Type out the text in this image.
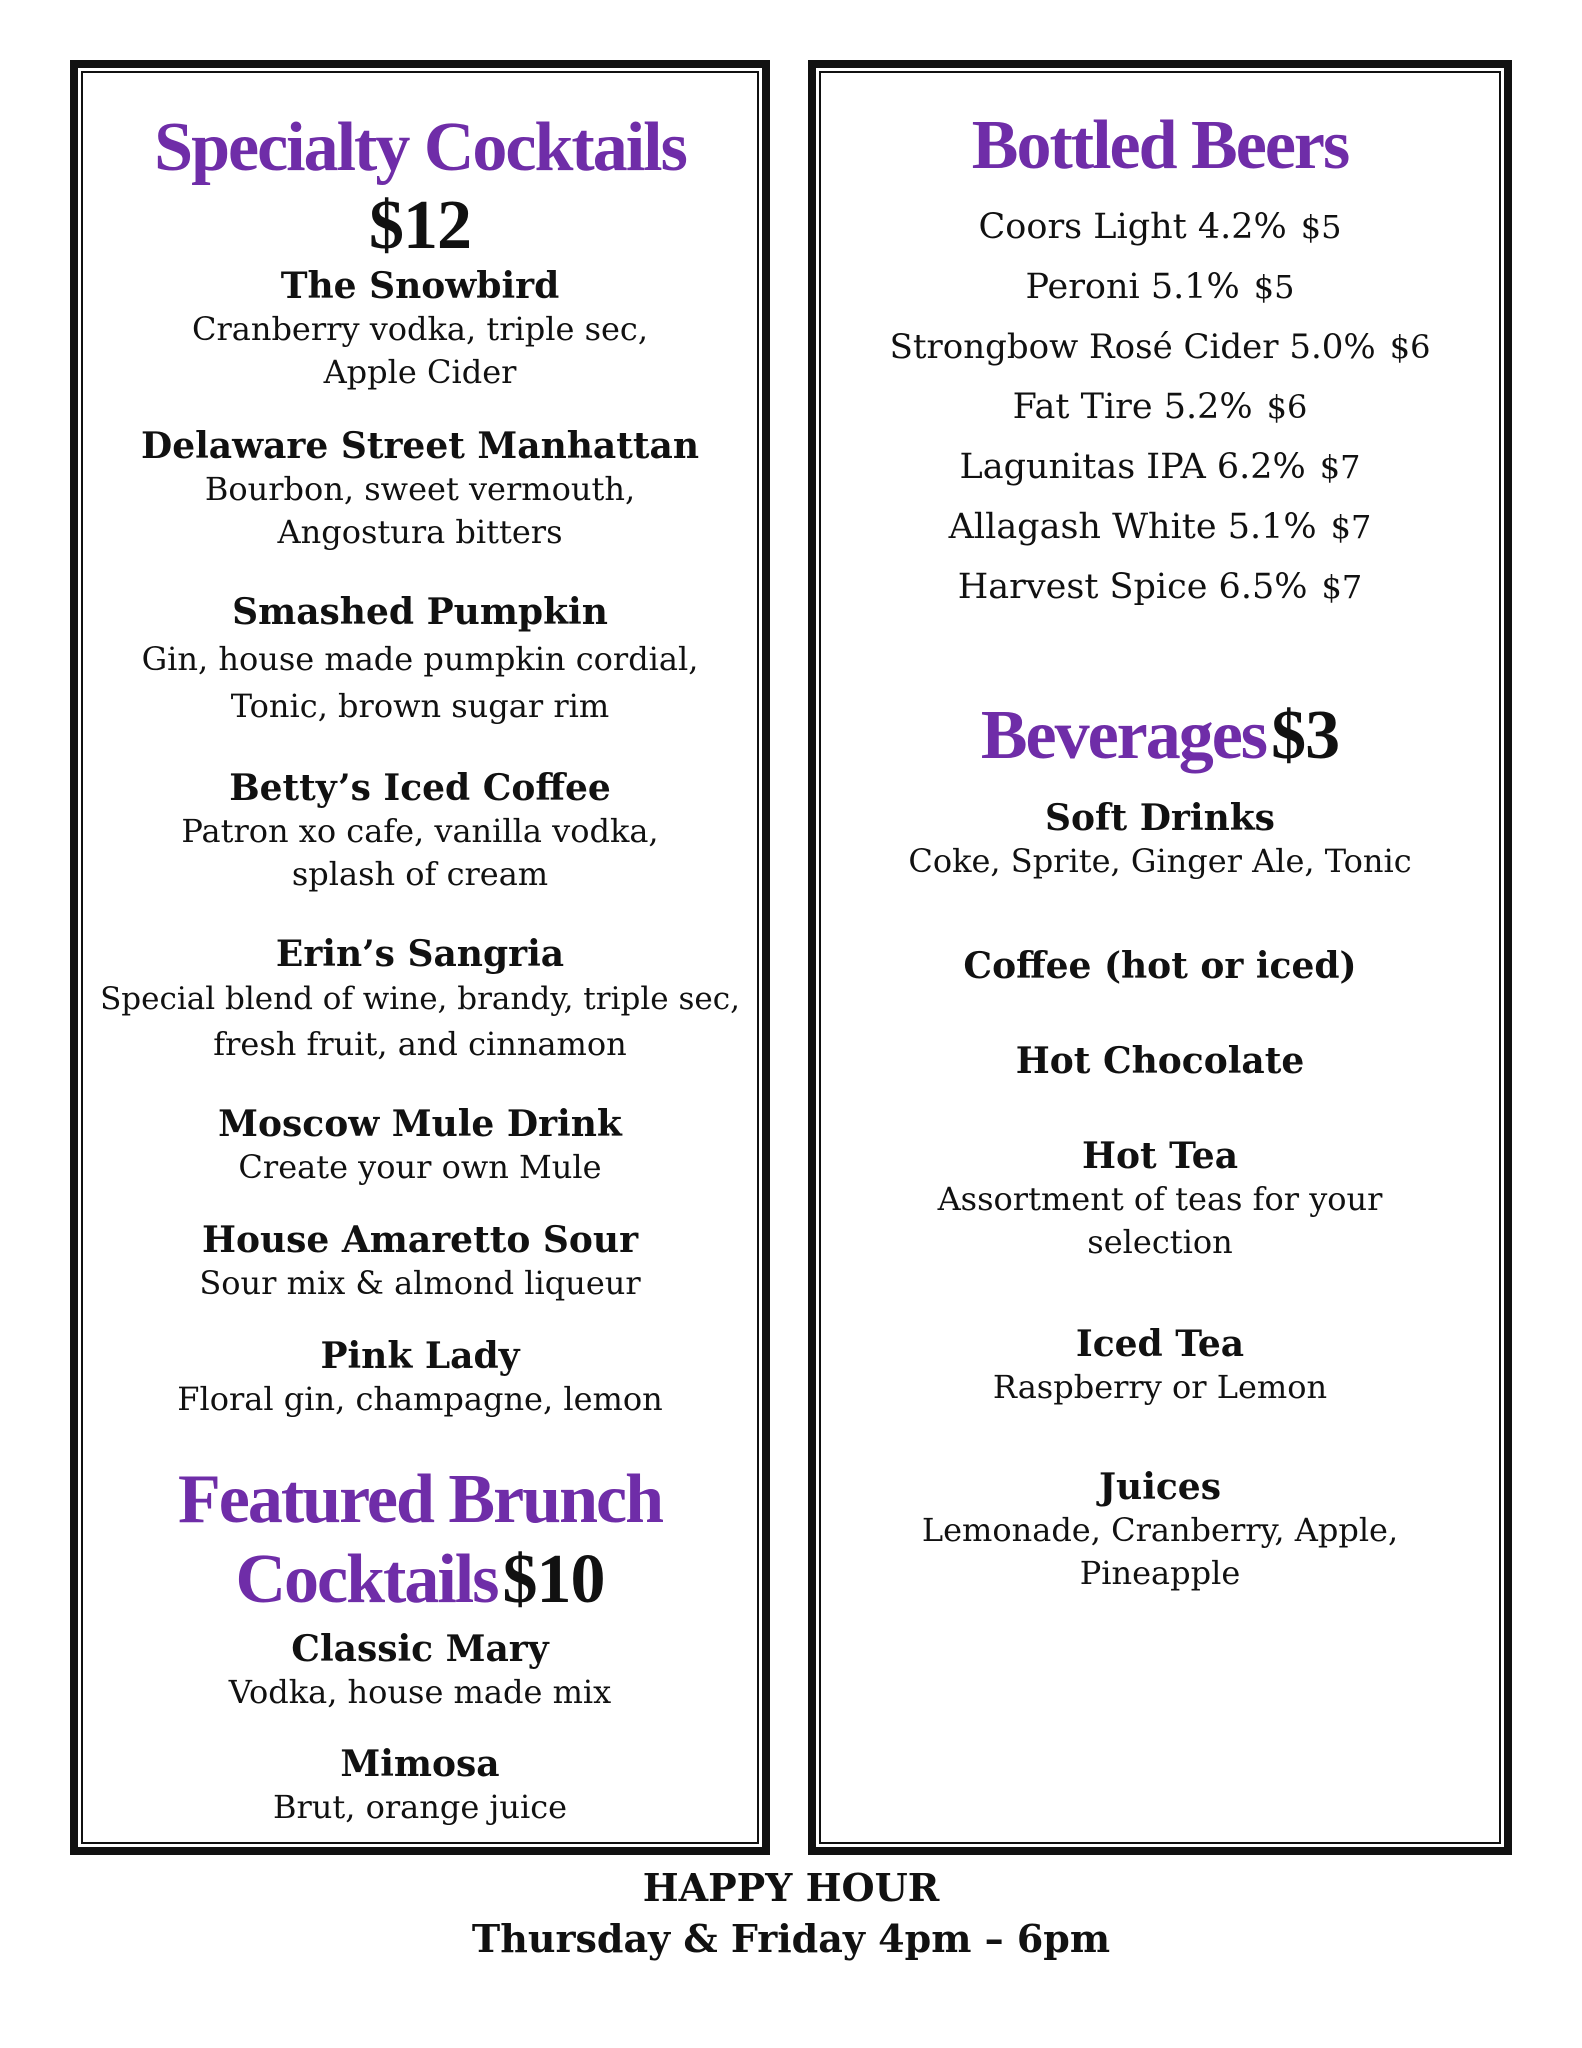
Specialty Cocktails
$12

The Snowbird

Cranberry vodka, triple sec,

Apple Cider

Delaware Street Manhattan

Bourbon, sweet vermouth,

Angostura bitters

Smashed Pumpkin

Gin, house made pumpkin cordial,

Tonic, brown sugar rim

Betty’s Iced Coffee

Patron xo cafe, vanilla vodka,

splash of cream

Erin’s Sangria

Special blend of wine, brandy, triple sec,

fresh fruit, and cinnamon

Moscow Mule Drink

Create your own Mule

House Amaretto Sour

Sour mix & almond liqueur

Pink Lady

Floral gin, champagne, lemon

Featured Brunch
Cocktails $10

Classic Mary

Vodka, house made mix

Mimosa

Brut, orange juice

Bottled Beers

Coors Light 4.2% $5

Peroni 5.1% $5

Strongbow Rosé Cider 5.0% $6

Fat Tire 5.2% $6

Lagunitas IPA 6.2% $7

Allagash White 5.1% $7

Harvest Spice 6.5% $7

Beverages $3

Soft Drinks

Coke, Sprite, Ginger Ale, Tonic

Coffee (hot or iced)

Hot Chocolate

Hot Tea

Assortment of teas for your

selection

Iced Tea

Raspberry or Lemon

Juices

Lemonade, Cranberry, Apple,

Pineapple

HAPPY HOUR
Thursday & Friday 4pm – 6pm
